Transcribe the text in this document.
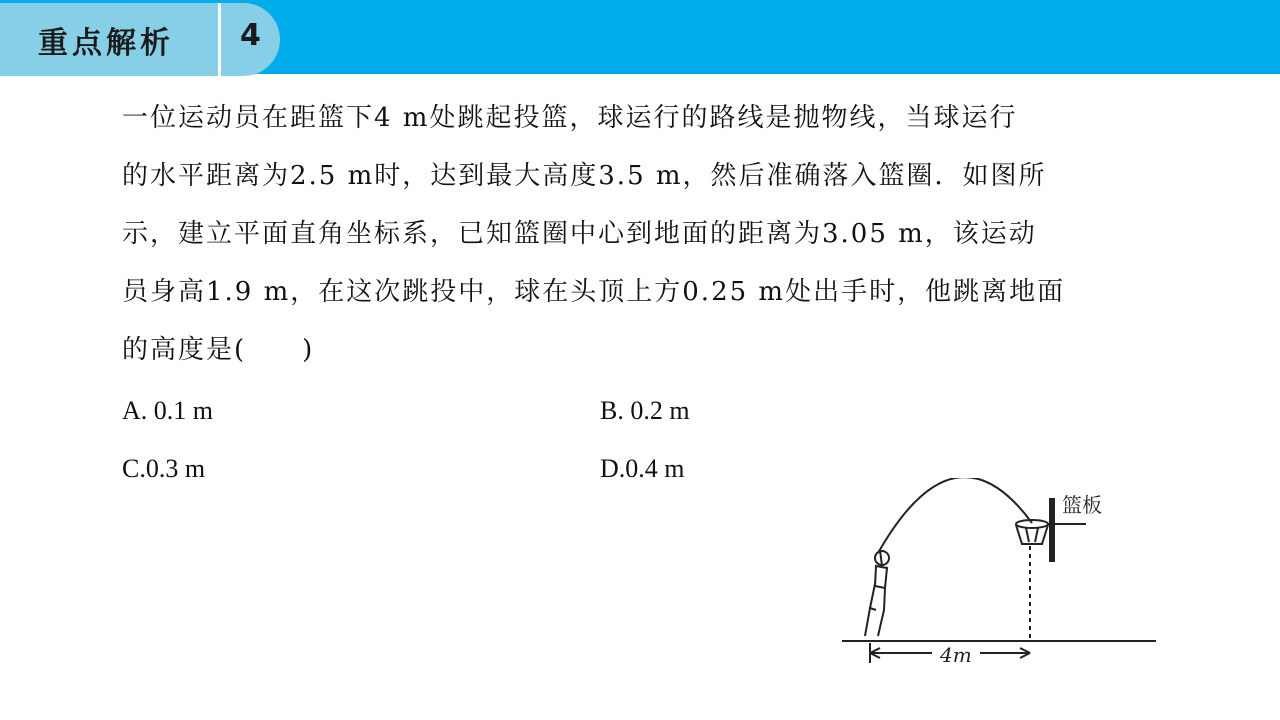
重点解析 4
一位运动员在距篮下4 m处跳起投篮，球运行的路线是抛物线，当球运行
的水平距离为2.5 m时，达到最大高度3.5 m，然后准确落入篮圈．如图所
示，建立平面直角坐标系，已知篮圈中心到地面的距离为3.05 m，该运动
员身高1.9 m，在这次跳投中，球在头顶上方0.25 m处出手时，他跳离地面
的高度是(　　)
A. 0.1 m	B. 0.2 m
C.0.3 m	D.0.4 m
篮板
4m
